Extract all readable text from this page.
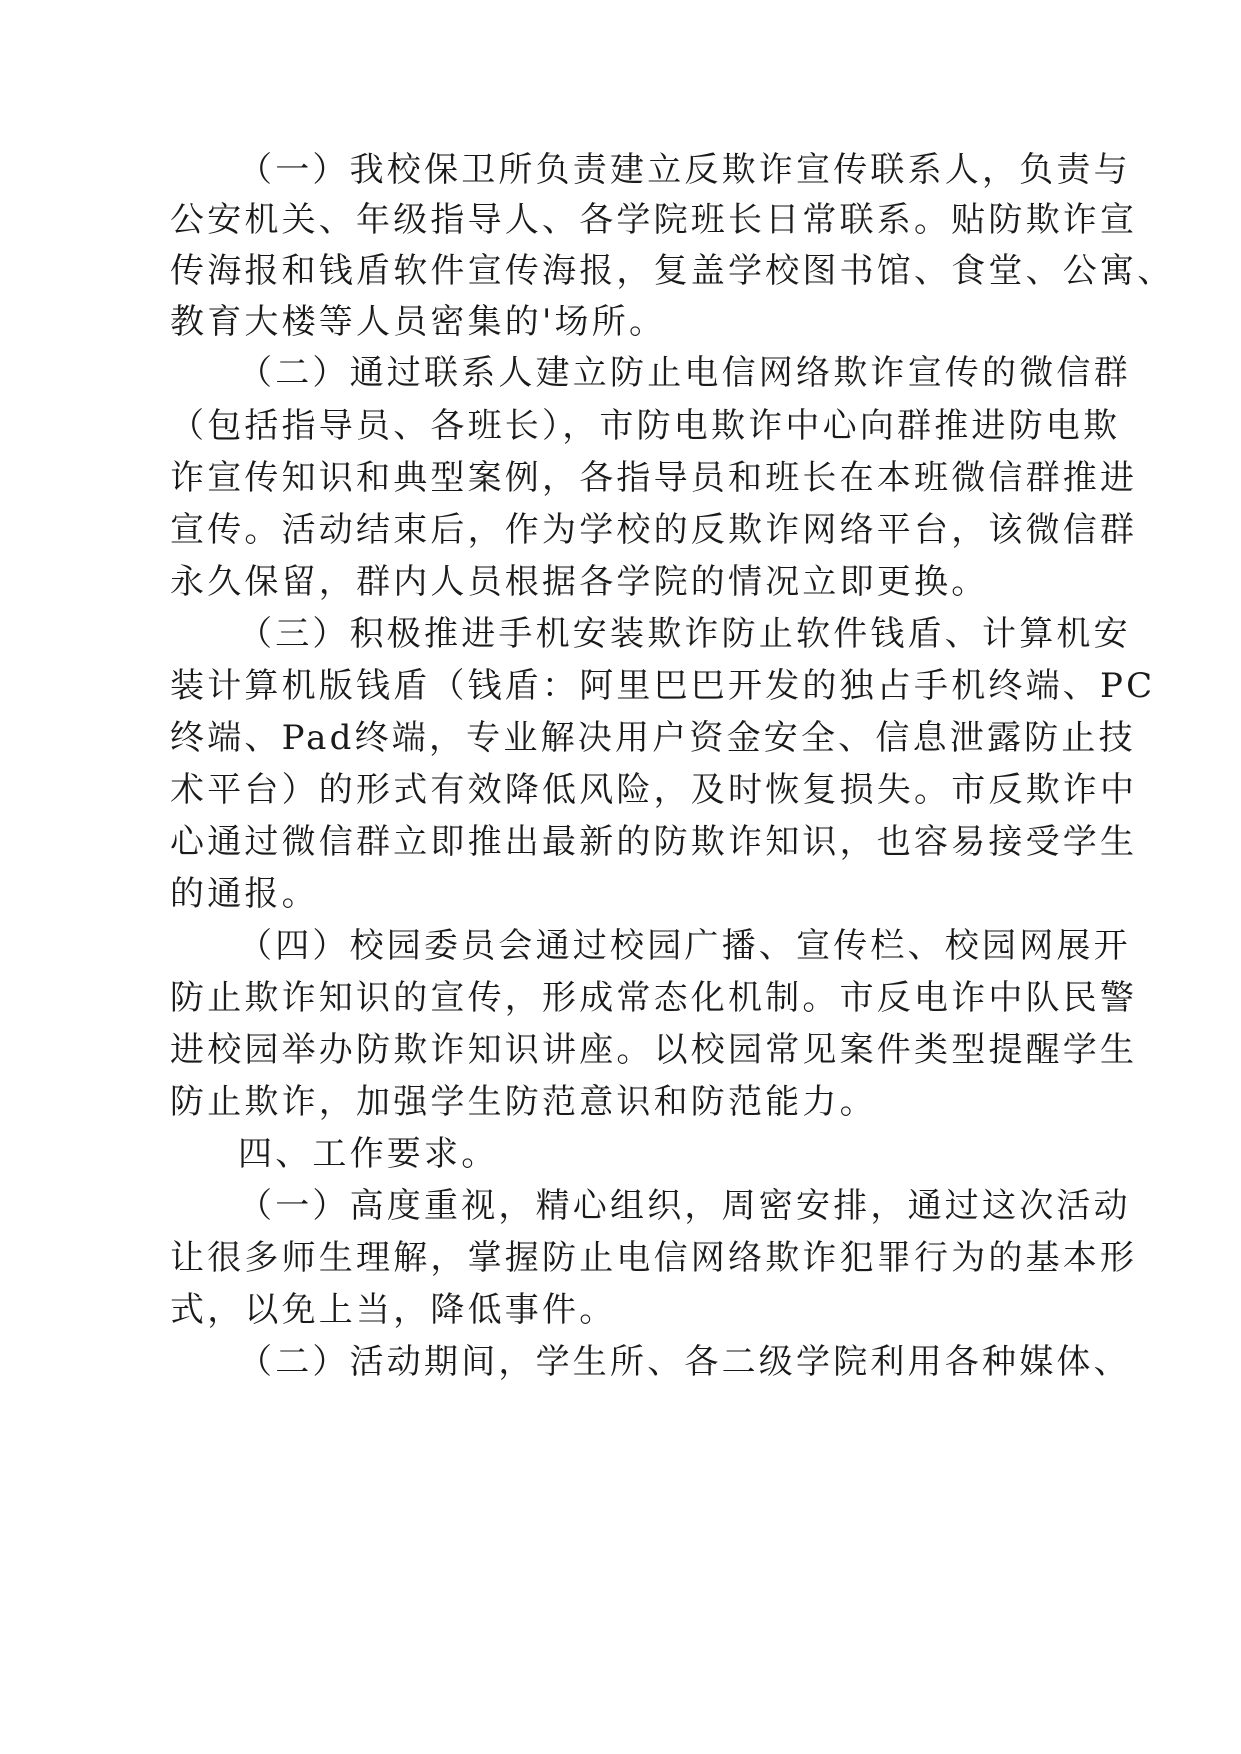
（一）我校保卫所负责建立反欺诈宣传联系人，负责与
公安机关、年级指导人、各学院班长日常联系。贴防欺诈宣
传海报和钱盾软件宣传海报，复盖学校图书馆、食堂、公寓、
教育大楼等人员密集的'场所。
（二）通过联系人建立防止电信网络欺诈宣传的微信群
（包括指导员、各班长），市防电欺诈中心向群推进防电欺
诈宣传知识和典型案例，各指导员和班长在本班微信群推进
宣传。活动结束后，作为学校的反欺诈网络平台，该微信群
永久保留，群内人员根据各学院的情况立即更换。
（三）积极推进手机安装欺诈防止软件钱盾、计算机安
装计算机版钱盾（钱盾：阿里巴巴开发的独占手机终端、PC
终端、Pad终端，专业解决用户资金安全、信息泄露防止技
术平台）的形式有效降低风险，及时恢复损失。市反欺诈中
心通过微信群立即推出最新的防欺诈知识，也容易接受学生
的通报。
（四）校园委员会通过校园广播、宣传栏、校园网展开
防止欺诈知识的宣传，形成常态化机制。市反电诈中队民警
进校园举办防欺诈知识讲座。以校园常见案件类型提醒学生
防止欺诈，加强学生防范意识和防范能力。
四、工作要求。
（一）高度重视，精心组织，周密安排，通过这次活动
让很多师生理解，掌握防止电信网络欺诈犯罪行为的基本形
式，以免上当，降低事件。
（二）活动期间，学生所、各二级学院利用各种媒体、
